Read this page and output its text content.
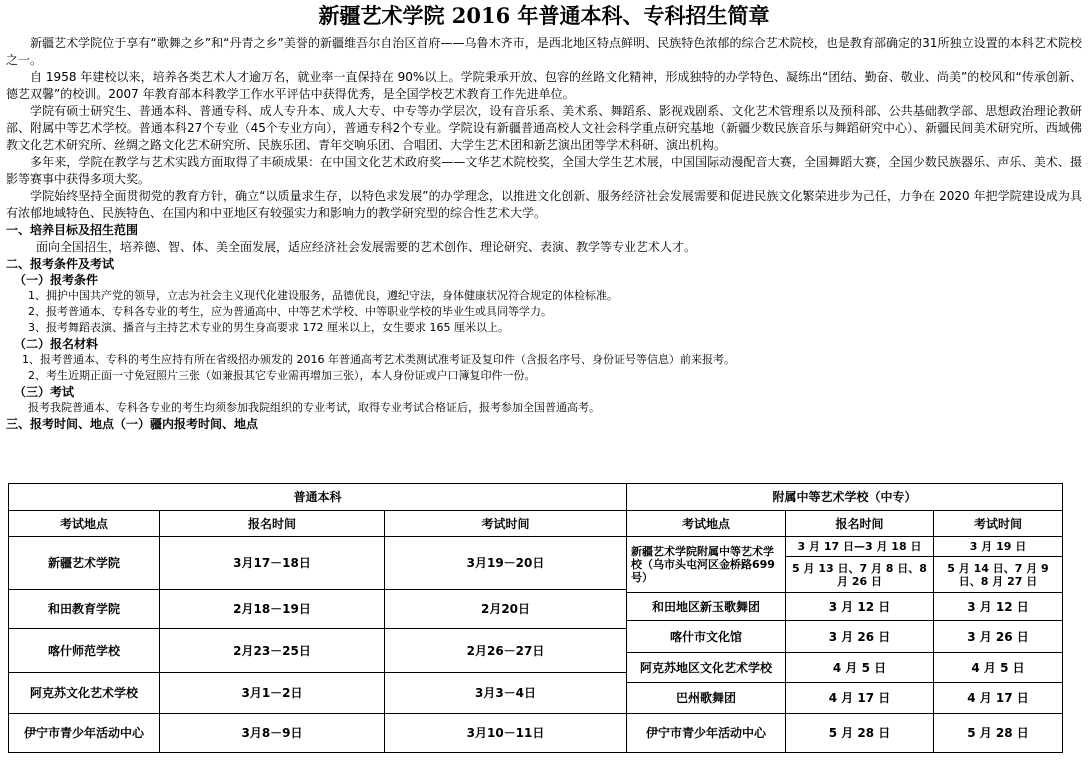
新疆艺术学院 2016 年普通本科、专科招生简章

新疆艺术学院位于享有“歌舞之乡”和“丹青之乡”美誉的新疆维吾尔自治区首府——乌鲁木齐市，是西北地区特点鲜明、民族特色浓郁的综合艺术院校，也是教育部确定的31所独立设置的本科艺术院校之一。

自 1958 年建校以来，培养各类艺术人才逾万名，就业率一直保持在 90%以上。学院秉承开放、包容的丝路文化精神，形成独特的办学特色、凝练出“团结、勤奋、敬业、尚美”的校风和“传承创新、德艺双馨”的校训。2007 年教育部本科教学工作水平评估中获得优秀，是全国学校艺术教育工作先进单位。

学院有硕士研究生、普通本科、普通专科、成人专升本、成人大专、中专等办学层次，设有音乐系、美术系、舞蹈系、影视戏剧系、文化艺术管理系以及预科部、公共基础教学部、思想政治理论教研部、附属中等艺术学校。普通本科27个专业（45个专业方向），普通专科2个专业。学院设有新疆普通高校人文社会科学重点研究基地（新疆少数民族音乐与舞蹈研究中心）、新疆民间美术研究所、西域佛教文化艺术研究所、丝绸之路文化艺术研究所、民族乐团、青年交响乐团、合唱团、大学生艺术团和新艺演出团等学术科研、演出机构。

多年来，学院在教学与艺术实践方面取得了丰硕成果：在中国文化艺术政府奖——文华艺术院校奖，全国大学生艺术展，中国国际动漫配音大赛，全国舞蹈大赛，全国少数民族器乐、声乐、美术、摄影等赛事中获得多项大奖。

学院始终坚持全面贯彻党的教育方针，确立“以质量求生存，以特色求发展”的办学理念，以推进文化创新、服务经济社会发展需要和促进民族文化繁荣进步为己任，力争在 2020 年把学院建设成为具有浓郁地域特色、民族特色、在国内和中亚地区有较强实力和影响力的教学研究型的综合性艺术大学。

一、培养目标及招生范围

面向全国招生，培养德、智、体、美全面发展，适应经济社会发展需要的艺术创作、理论研究、表演、教学等专业艺术人才。

二、报考条件及考试

（一）报考条件

1、拥护中国共产党的领导，立志为社会主义现代化建设服务，品德优良，遵纪守法，身体健康状况符合规定的体检标准。

2、报考普通本、专科各专业的考生，应为普通高中、中等艺术学校、中等职业学校的毕业生或具同等学力。

3、报考舞蹈表演、播音与主持艺术专业的男生身高要求 172 厘米以上，女生要求 165 厘米以上。

（二）报名材料

1、报考普通本、专科的考生应持有所在省级招办颁发的 2016 年普通高考艺术类测试准考证及复印件（含报名序号、身份证号等信息）前来报考。

2、考生近期正面一寸免冠照片三张（如兼报其它专业需再增加三张），本人身份证或户口簿复印件一份。

（三）考试

报考我院普通本、专科各专业的考生均须参加我院组织的专业考试，取得专业考试合格证后，报考参加全国普通高考。

三、报考时间、地点（一）疆内报考时间、地点

普通本科			附属中等艺术学校（中专）		
考试地点	报名时间	考试时间	考试地点	报名时间	考试时间
新疆艺术学院	3月17－18日	3月19－20日	新疆艺术学院附属中等艺术学校（乌市头屯河区金桥路699号）	3 月 17 日—3 月 18 日	3 月 19 日
				5 月 13 日、7 月 8 日、8 月 26 日	5 月 14 日、7 月 9 日、8 月 27 日

和田教育学院	2月18－19日	2月20日			
			和田地区新玉歌舞团	3 月 12 日	3 月 12 日
			喀什市文化馆	3 月 26 日	3 月 26 日
喀什师范学校	2月23－25日	2月26－27日			

			阿克苏地区文化艺术学校	4 月 5 日	4 月 5 日
阿克苏文化艺术学校	3月1－2日	3月3－4日			
			巴州歌舞团	4 月 17 日	4 月 17 日
伊宁市青少年活动中心	3月8－9日	3月10－11日	伊宁市青少年活动中心	5 月 28 日	5 月 28 日
